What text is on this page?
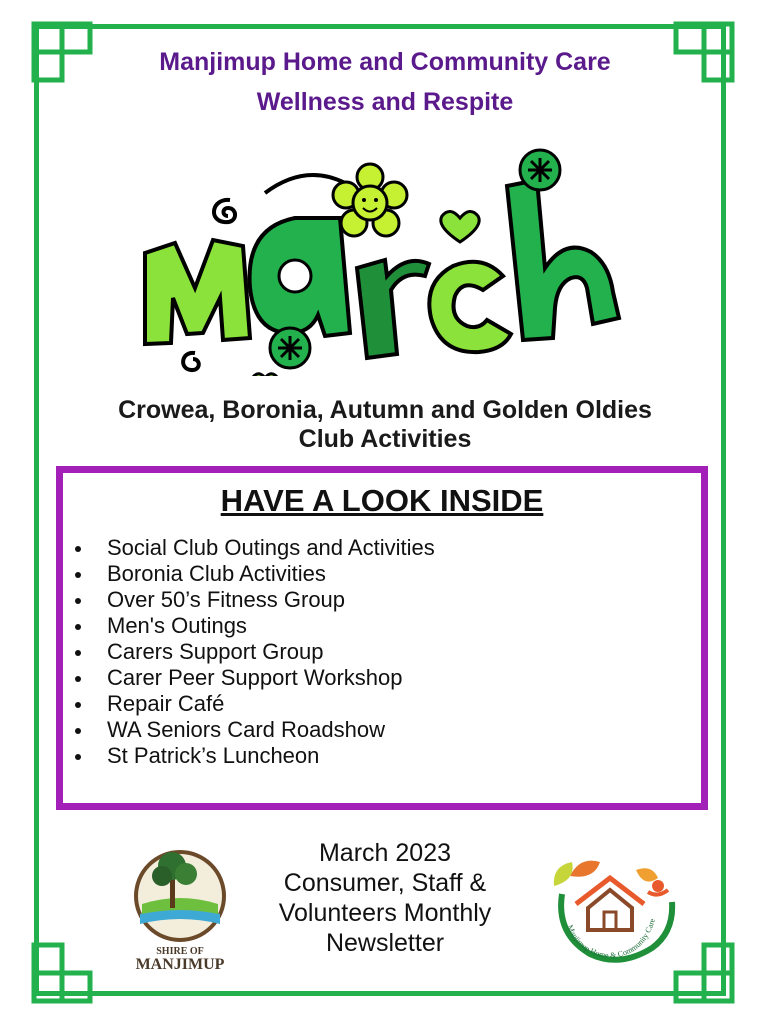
Manjimup Home and Community Care
Wellness and Respite
Crowea, Boronia, Autumn and Golden Oldies
Club Activities
HAVE A LOOK INSIDE
Social Club Outings and Activities
Boronia Club Activities
Over 50’s Fitness Group
Men's Outings
Carers Support Group
Carer Peer Support Workshop
Repair Café
WA Seniors Card Roadshow
St Patrick’s Luncheon
SHIRE OF
MANJIMUP
March 2023
Consumer, Staff &
Volunteers Monthly
Newsletter
Manjimup Home & Community Care
